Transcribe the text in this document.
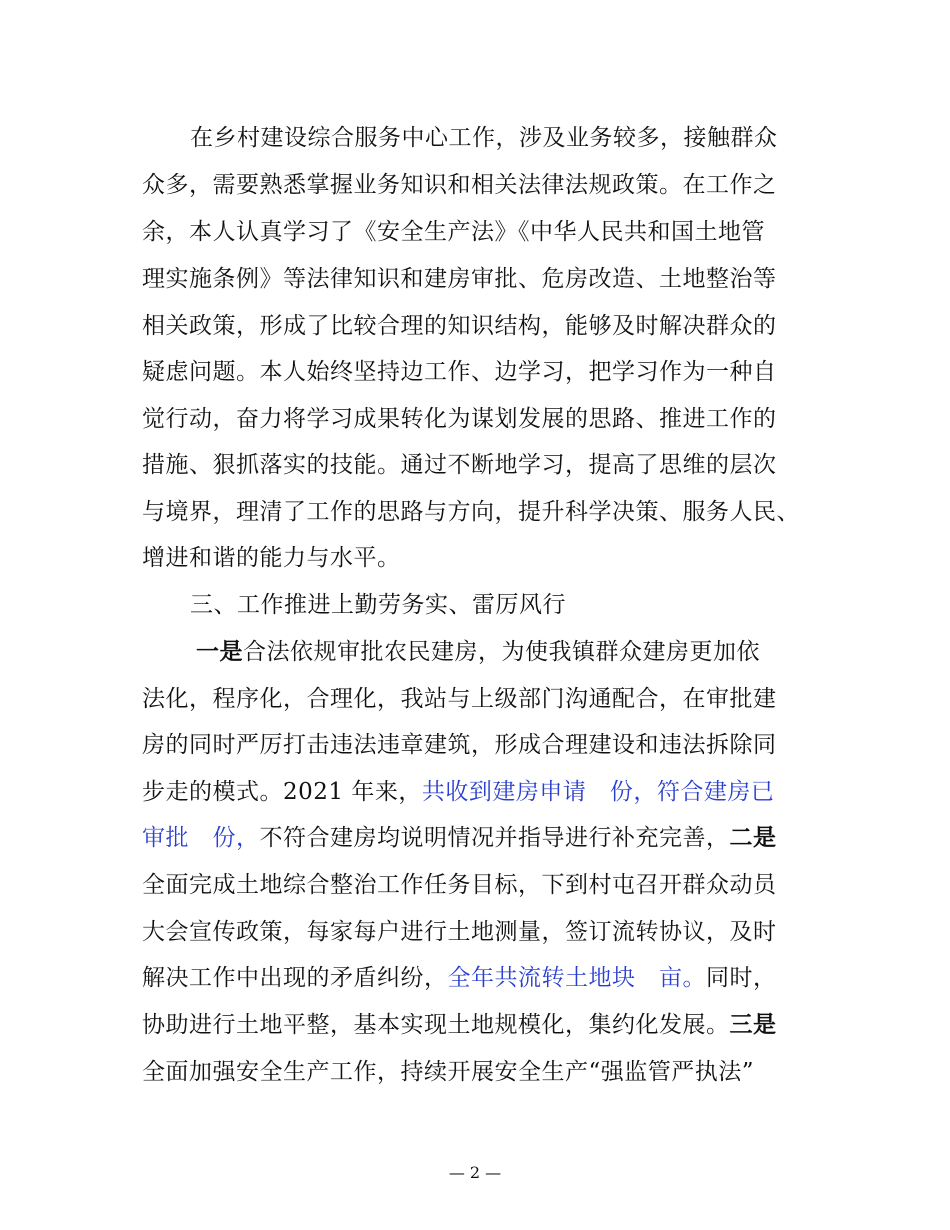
在乡村建设综合服务中心工作，涉及业务较多，接触群众
众多，需要熟悉掌握业务知识和相关法律法规政策。在工作之
余，本人认真学习了《安全生产法》《中华人民共和国土地管
理实施条例》等法律知识和建房审批、危房改造、土地整治等
相关政策，形成了比较合理的知识结构，能够及时解决群众的
疑虑问题。本人始终坚持边工作、边学习，把学习作为一种自
觉行动，奋力将学习成果转化为谋划发展的思路、推进工作的
措施、狠抓落实的技能。通过不断地学习，提高了思维的层次
与境界，理清了工作的思路与方向，提升科学决策、服务人民、
增进和谐的能力与水平。
三、工作推进上勤劳务实、雷厉风行
一是合法依规审批农民建房，为使我镇群众建房更加依
法化，程序化，合理化，我站与上级部门沟通配合，在审批建
房的同时严厉打击违法违章建筑，形成合理建设和违法拆除同
步走的模式。2021 年来，共收到建房申请　份，符合建房已
审批　份，不符合建房均说明情况并指导进行补充完善，二是
全面完成土地综合整治工作任务目标，下到村屯召开群众动员
大会宣传政策，每家每户进行土地测量，签订流转协议，及时
解决工作中出现的矛盾纠纷，全年共流转土地块　亩。同时，
协助进行土地平整，基本实现土地规模化，集约化发展。三是
全面加强安全生产工作，持续开展安全生产“强监管严执法”
— 2 —
